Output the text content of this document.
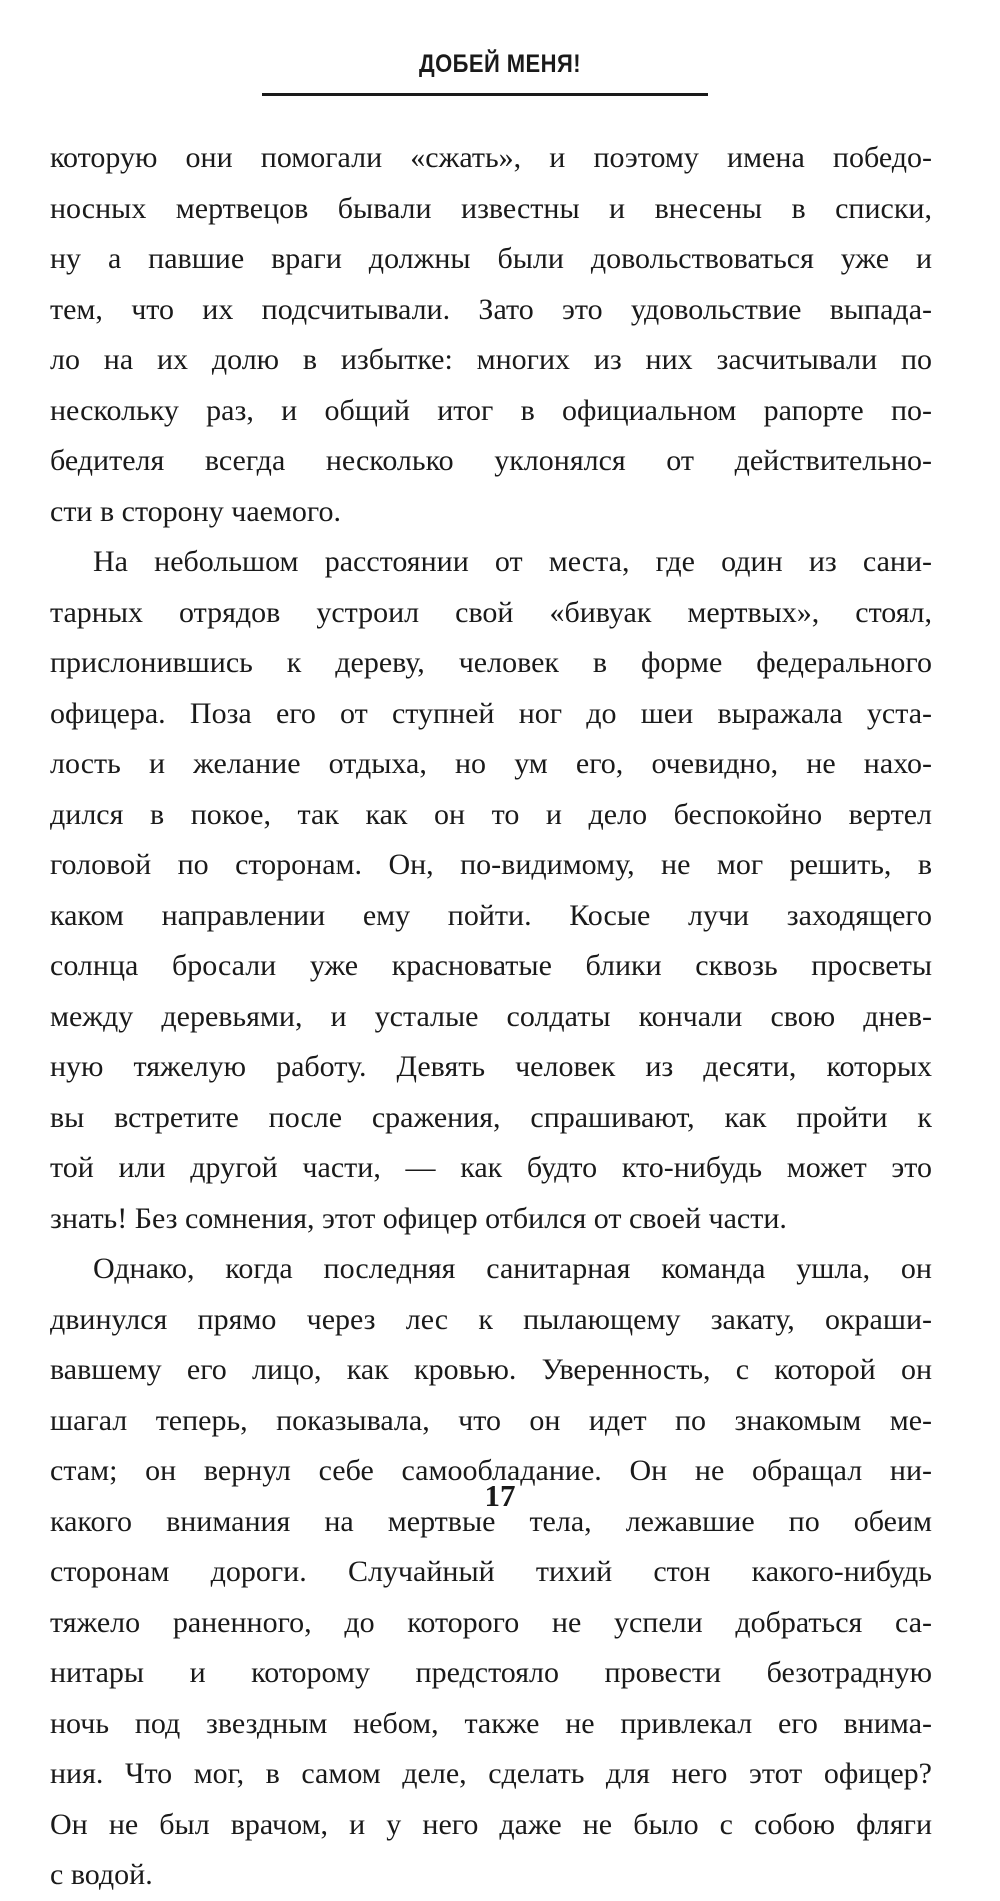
ДОБЕЙ МЕНЯ!
которую они помогали «сжать», и поэтому имена победо-
носных мертвецов бывали известны и внесены в списки,
ну а павшие враги должны были довольствоваться уже и
тем, что их подсчитывали. Зато это удовольствие выпада-
ло на их долю в избытке: многих из них засчитывали по
нескольку раз, и общий итог в официальном рапорте по-
бедителя всегда несколько уклонялся от действительно-
сти в сторону чаемого.
На небольшом расстоянии от места, где один из сани-
тарных отрядов устроил свой «бивуак мертвых», стоял,
прислонившись к дереву, человек в форме федерального
офицера. Поза его от ступней ног до шеи выражала уста-
лость и желание отдыха, но ум его, очевидно, не нахо-
дился в покое, так как он то и дело беспокойно вертел
головой по сторонам. Он, по-видимому, не мог решить, в
каком направлении ему пойти. Косые лучи заходящего
солнца бросали уже красноватые блики сквозь просветы
между деревьями, и усталые солдаты кончали свою днев-
ную тяжелую работу. Девять человек из десяти, которых
вы встретите после сражения, спрашивают, как пройти к
той или другой части, — как будто кто-нибудь может это
знать! Без сомнения, этот офицер отбился от своей части.
Однако, когда последняя санитарная команда ушла, он
двинулся прямо через лес к пылающему закату, окраши-
вавшему его лицо, как кровью. Уверенность, с которой он
шагал теперь, показывала, что он идет по знакомым ме-
стам; он вернул себе самообладание. Он не обращал ни-
какого внимания на мертвые тела, лежавшие по обеим
сторонам дороги. Случайный тихий стон какого-нибудь
тяжело раненного, до которого не успели добраться са-
нитары и которому предстояло провести безотрадную
ночь под звездным небом, также не привлекал его внима-
ния. Что мог, в самом деле, сделать для него этот офицер?
Он не был врачом, и у него даже не было с собою фляги
с водой.
17
